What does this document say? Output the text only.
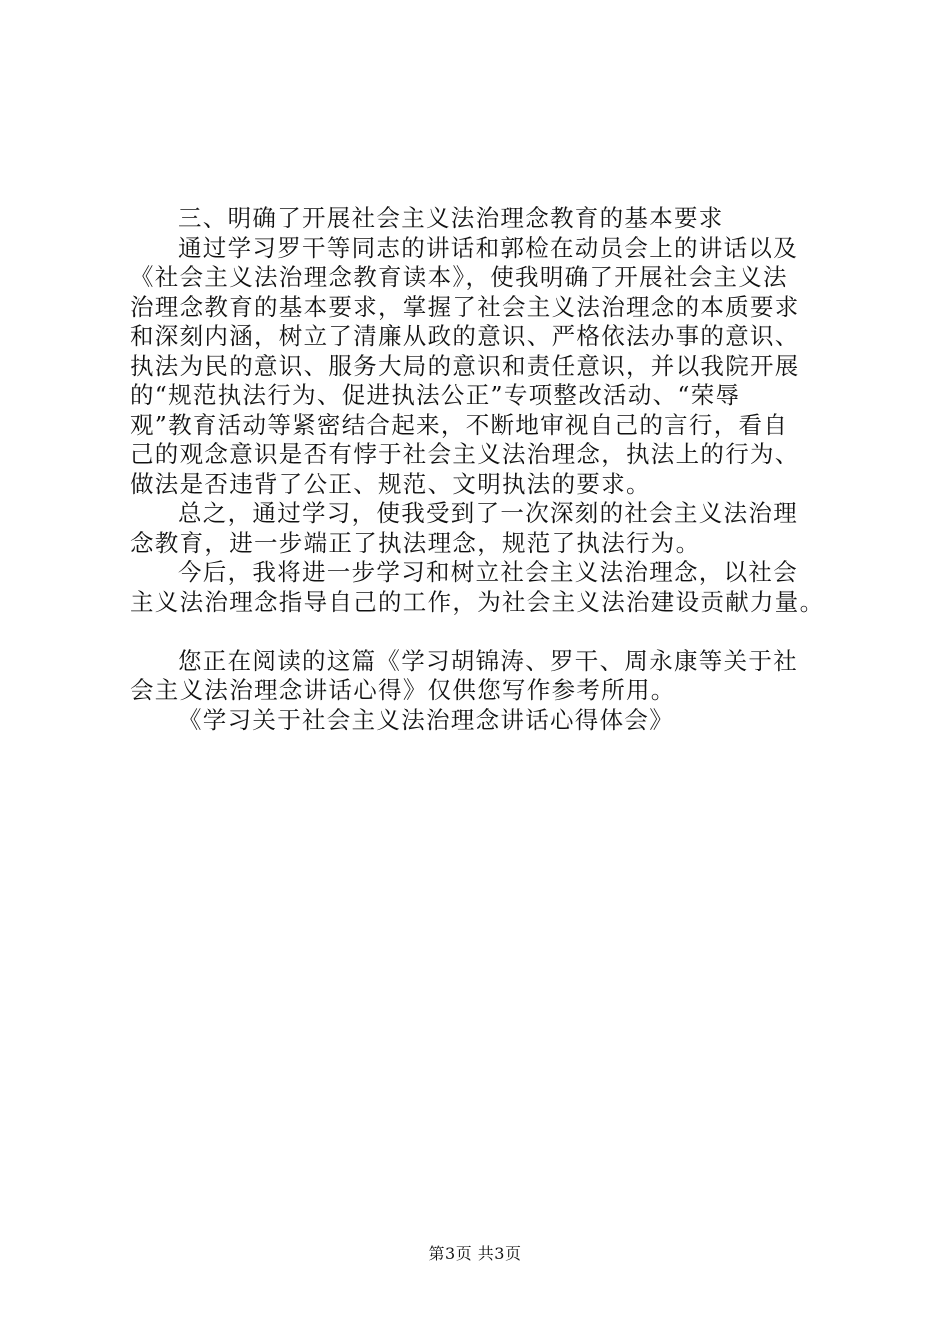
三、明确了开展社会主义法治理念教育的基本要求
通过学习罗干等同志的讲话和郭检在动员会上的讲话以及
《社会主义法治理念教育读本》，使我明确了开展社会主义法
治理念教育的基本要求，掌握了社会主义法治理念的本质要求
和深刻内涵，树立了清廉从政的意识、严格依法办事的意识、
执法为民的意识、服务大局的意识和责任意识，并以我院开展
的“规范执法行为、促进执法公正”专项整改活动、“荣辱
观”教育活动等紧密结合起来，不断地审视自己的言行，看自
己的观念意识是否有悖于社会主义法治理念，执法上的行为、
做法是否违背了公正、规范、文明执法的要求。
总之，通过学习，使我受到了一次深刻的社会主义法治理
念教育，进一步端正了执法理念，规范了执法行为。
今后，我将进一步学习和树立社会主义法治理念，以社会
主义法治理念指导自己的工作，为社会主义法治建设贡献力量。
您正在阅读的这篇《学习胡锦涛、罗干、周永康等关于社
会主义法治理念讲话心得》仅供您写作参考所用。
《学习关于社会主义法治理念讲话心得体会》
第3页 共3页
